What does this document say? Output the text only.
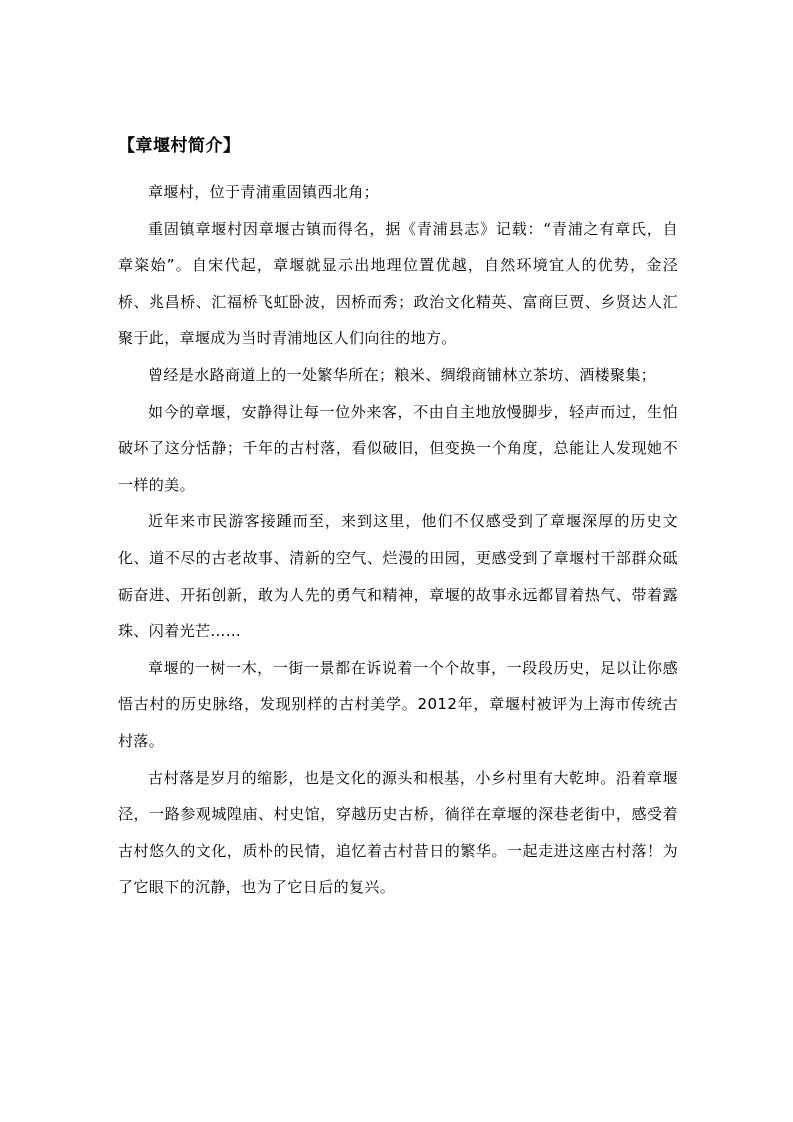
【章堰村简介】

章堰村，位于青浦重固镇西北角；

重固镇章堰村因章堰古镇而得名，据《青浦县志》记载：“青浦之有章氏，自章粢始”。自宋代起，章堰就显示出地理位置优越，自然环境宜人的优势，金泾桥、兆昌桥、汇福桥飞虹卧波，因桥而秀；政治文化精英、富商巨贾、乡贤达人汇聚于此，章堰成为当时青浦地区人们向往的地方。

曾经是水路商道上的一处繁华所在；粮米、绸缎商铺林立茶坊、酒楼聚集；

如今的章堰，安静得让每一位外来客，不由自主地放慢脚步，轻声而过，生怕破坏了这分恬静；千年的古村落，看似破旧，但变换一个角度，总能让人发现她不一样的美。

近年来市民游客接踵而至，来到这里，他们不仅感受到了章堰深厚的历史文化、道不尽的古老故事、清新的空气、烂漫的田园，更感受到了章堰村干部群众砥砺奋进、开拓创新，敢为人先的勇气和精神，章堰的故事永远都冒着热气、带着露珠、闪着光芒……

章堰的一树一木，一街一景都在诉说着一个个故事，一段段历史，足以让你感悟古村的历史脉络，发现别样的古村美学。2012年，章堰村被评为上海市传统古村落。

古村落是岁月的缩影，也是文化的源头和根基，小乡村里有大乾坤。沿着章堰泾，一路参观城隍庙、村史馆，穿越历史古桥，徜徉在章堰的深巷老街中，感受着古村悠久的文化，质朴的民情，追忆着古村昔日的繁华。一起走进这座古村落！为了它眼下的沉静，也为了它日后的复兴。
